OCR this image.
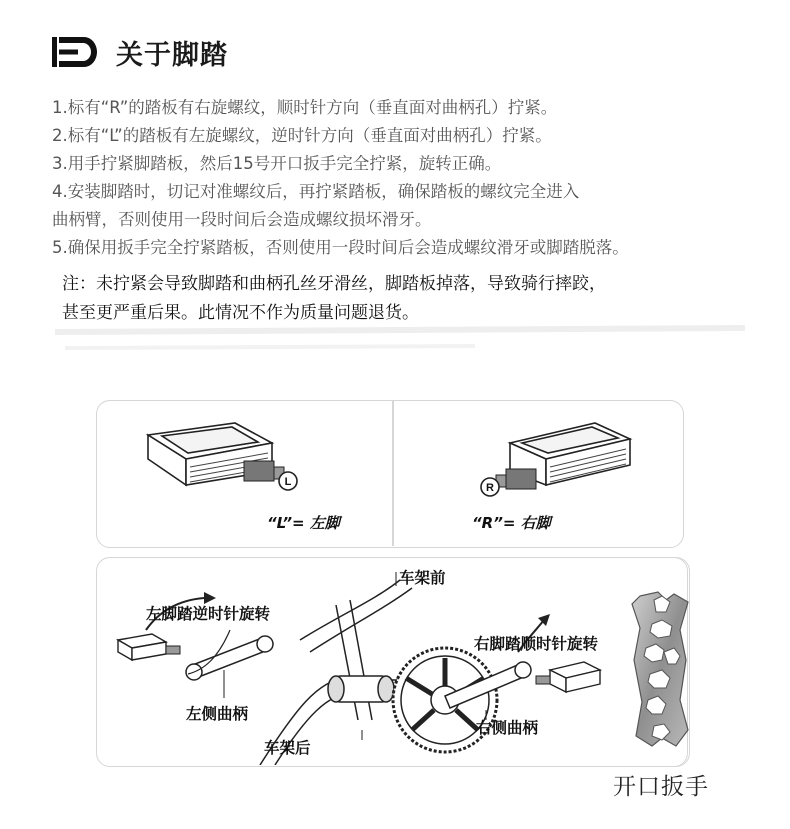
关于脚踏
1.标有“R”的踏板有右旋螺纹，顺时针方向（垂直面对曲柄孔）拧紧。
2.标有“L”的踏板有左旋螺纹，逆时针方向（垂直面对曲柄孔）拧紧。
3.用手拧紧脚踏板，然后15号开口扳手完全拧紧，旋转正确。
4.安装脚踏时，切记对准螺纹后，再拧紧踏板，确保踏板的螺纹完全进入
曲柄臂，否则使用一段时间后会造成螺纹损坏滑牙。
5.确保用扳手完全拧紧踏板，否则使用一段时间后会造成螺纹滑牙或脚踏脱落。
注：未拧紧会导致脚踏和曲柄孔丝牙滑丝，脚踏板掉落，导致骑行摔跤，
甚至更严重后果。此情况不作为质量问题退货。
L
“L”= 左脚
R
“R”= 右脚
车架前
左脚踏逆时针旋转
右脚踏顺时针旋转
左侧曲柄
右侧曲柄
车架后
开口扳手
